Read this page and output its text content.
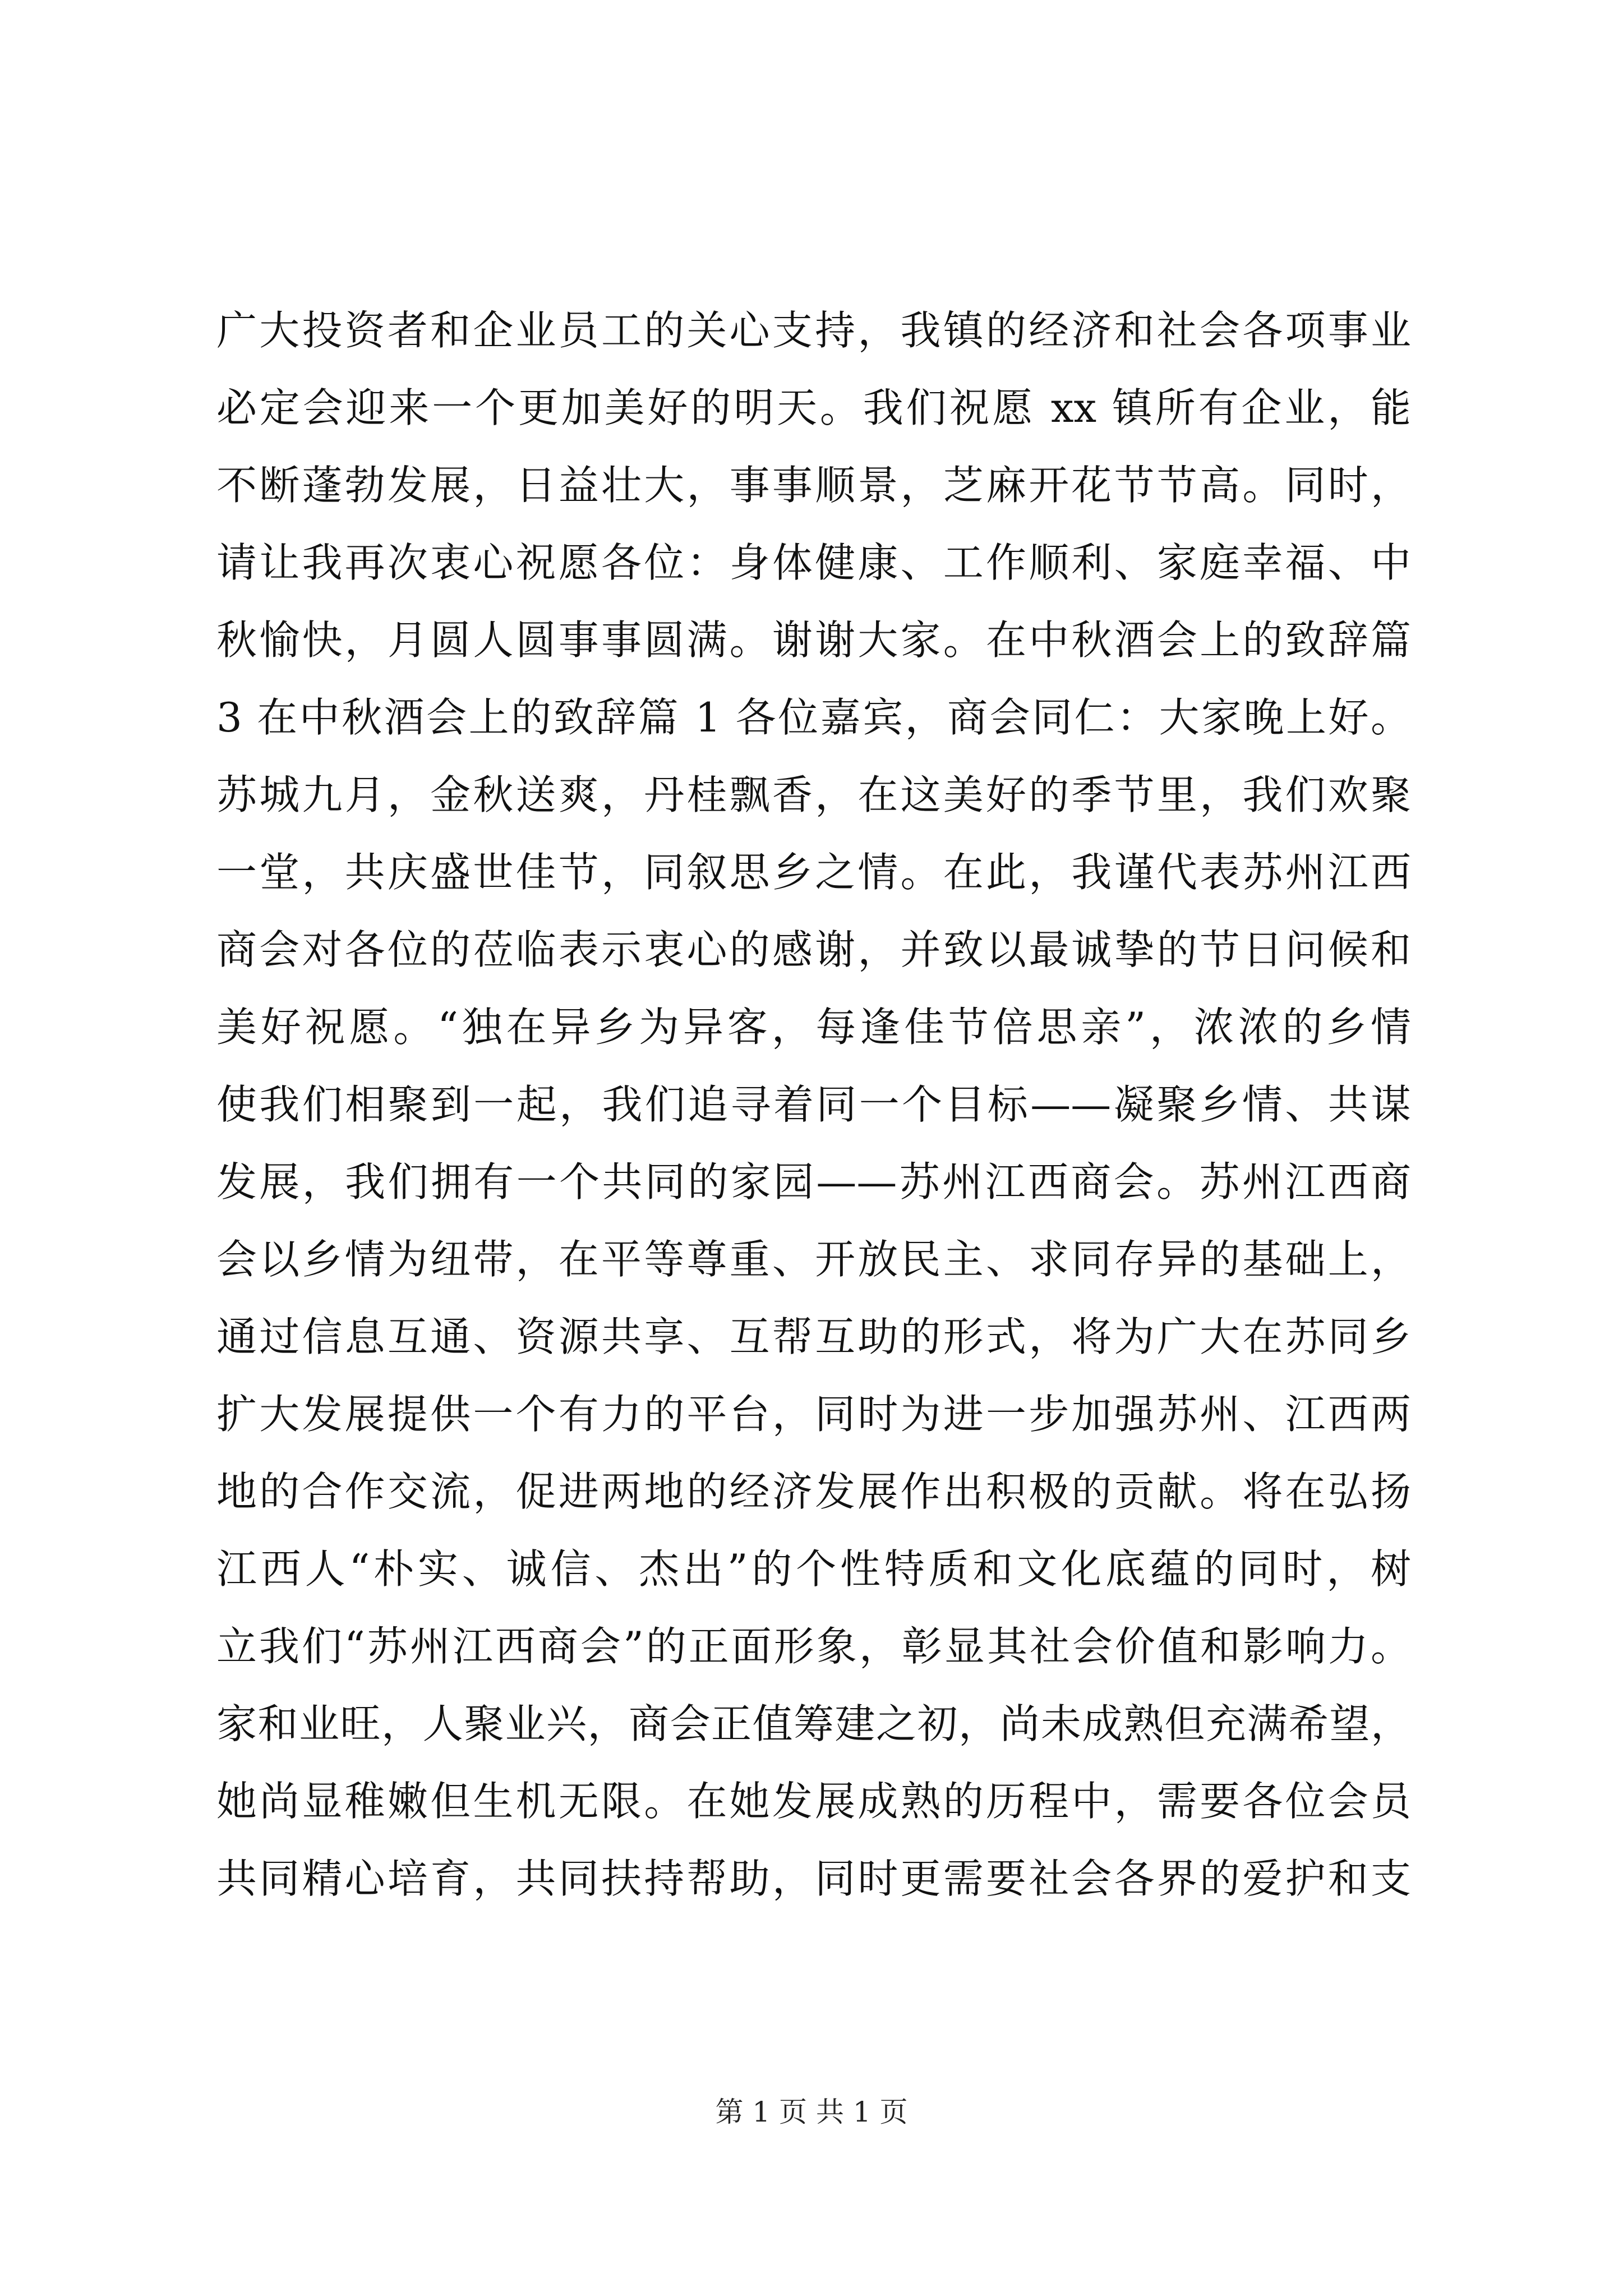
广大投资者和企业员工的关心支持，我镇的经济和社会各项事业
必定会迎来一个更加美好的明天。我们祝愿 xx 镇所有企业，能
不断蓬勃发展，日益壮大，事事顺景，芝麻开花节节高。同时，
请让我再次衷心祝愿各位：身体健康、工作顺利、家庭幸福、中
秋愉快，月圆人圆事事圆满。谢谢大家。在中秋酒会上的致辞篇
3 在中秋酒会上的致辞篇 1 各位嘉宾，商会同仁：大家晚上好。
苏城九月，金秋送爽，丹桂飘香，在这美好的季节里，我们欢聚
一堂，共庆盛世佳节，同叙思乡之情。在此，我谨代表苏州江西
商会对各位的莅临表示衷心的感谢，并致以最诚挚的节日问候和
美好祝愿。“独在异乡为异客，每逢佳节倍思亲”，浓浓的乡情
使我们相聚到一起，我们追寻着同一个目标——凝聚乡情、共谋
发展，我们拥有一个共同的家园——苏州江西商会。苏州江西商
会以乡情为纽带，在平等尊重、开放民主、求同存异的基础上，
通过信息互通、资源共享、互帮互助的形式，将为广大在苏同乡
扩大发展提供一个有力的平台，同时为进一步加强苏州、江西两
地的合作交流，促进两地的经济发展作出积极的贡献。将在弘扬
江西人“朴实、诚信、杰出”的个性特质和文化底蕴的同时，树
立我们“苏州江西商会”的正面形象，彰显其社会价值和影响力。
家和业旺，人聚业兴，商会正值筹建之初，尚未成熟但充满希望，
她尚显稚嫩但生机无限。在她发展成熟的历程中，需要各位会员
共同精心培育，共同扶持帮助，同时更需要社会各界的爱护和支
第 1 页 共 1 页
